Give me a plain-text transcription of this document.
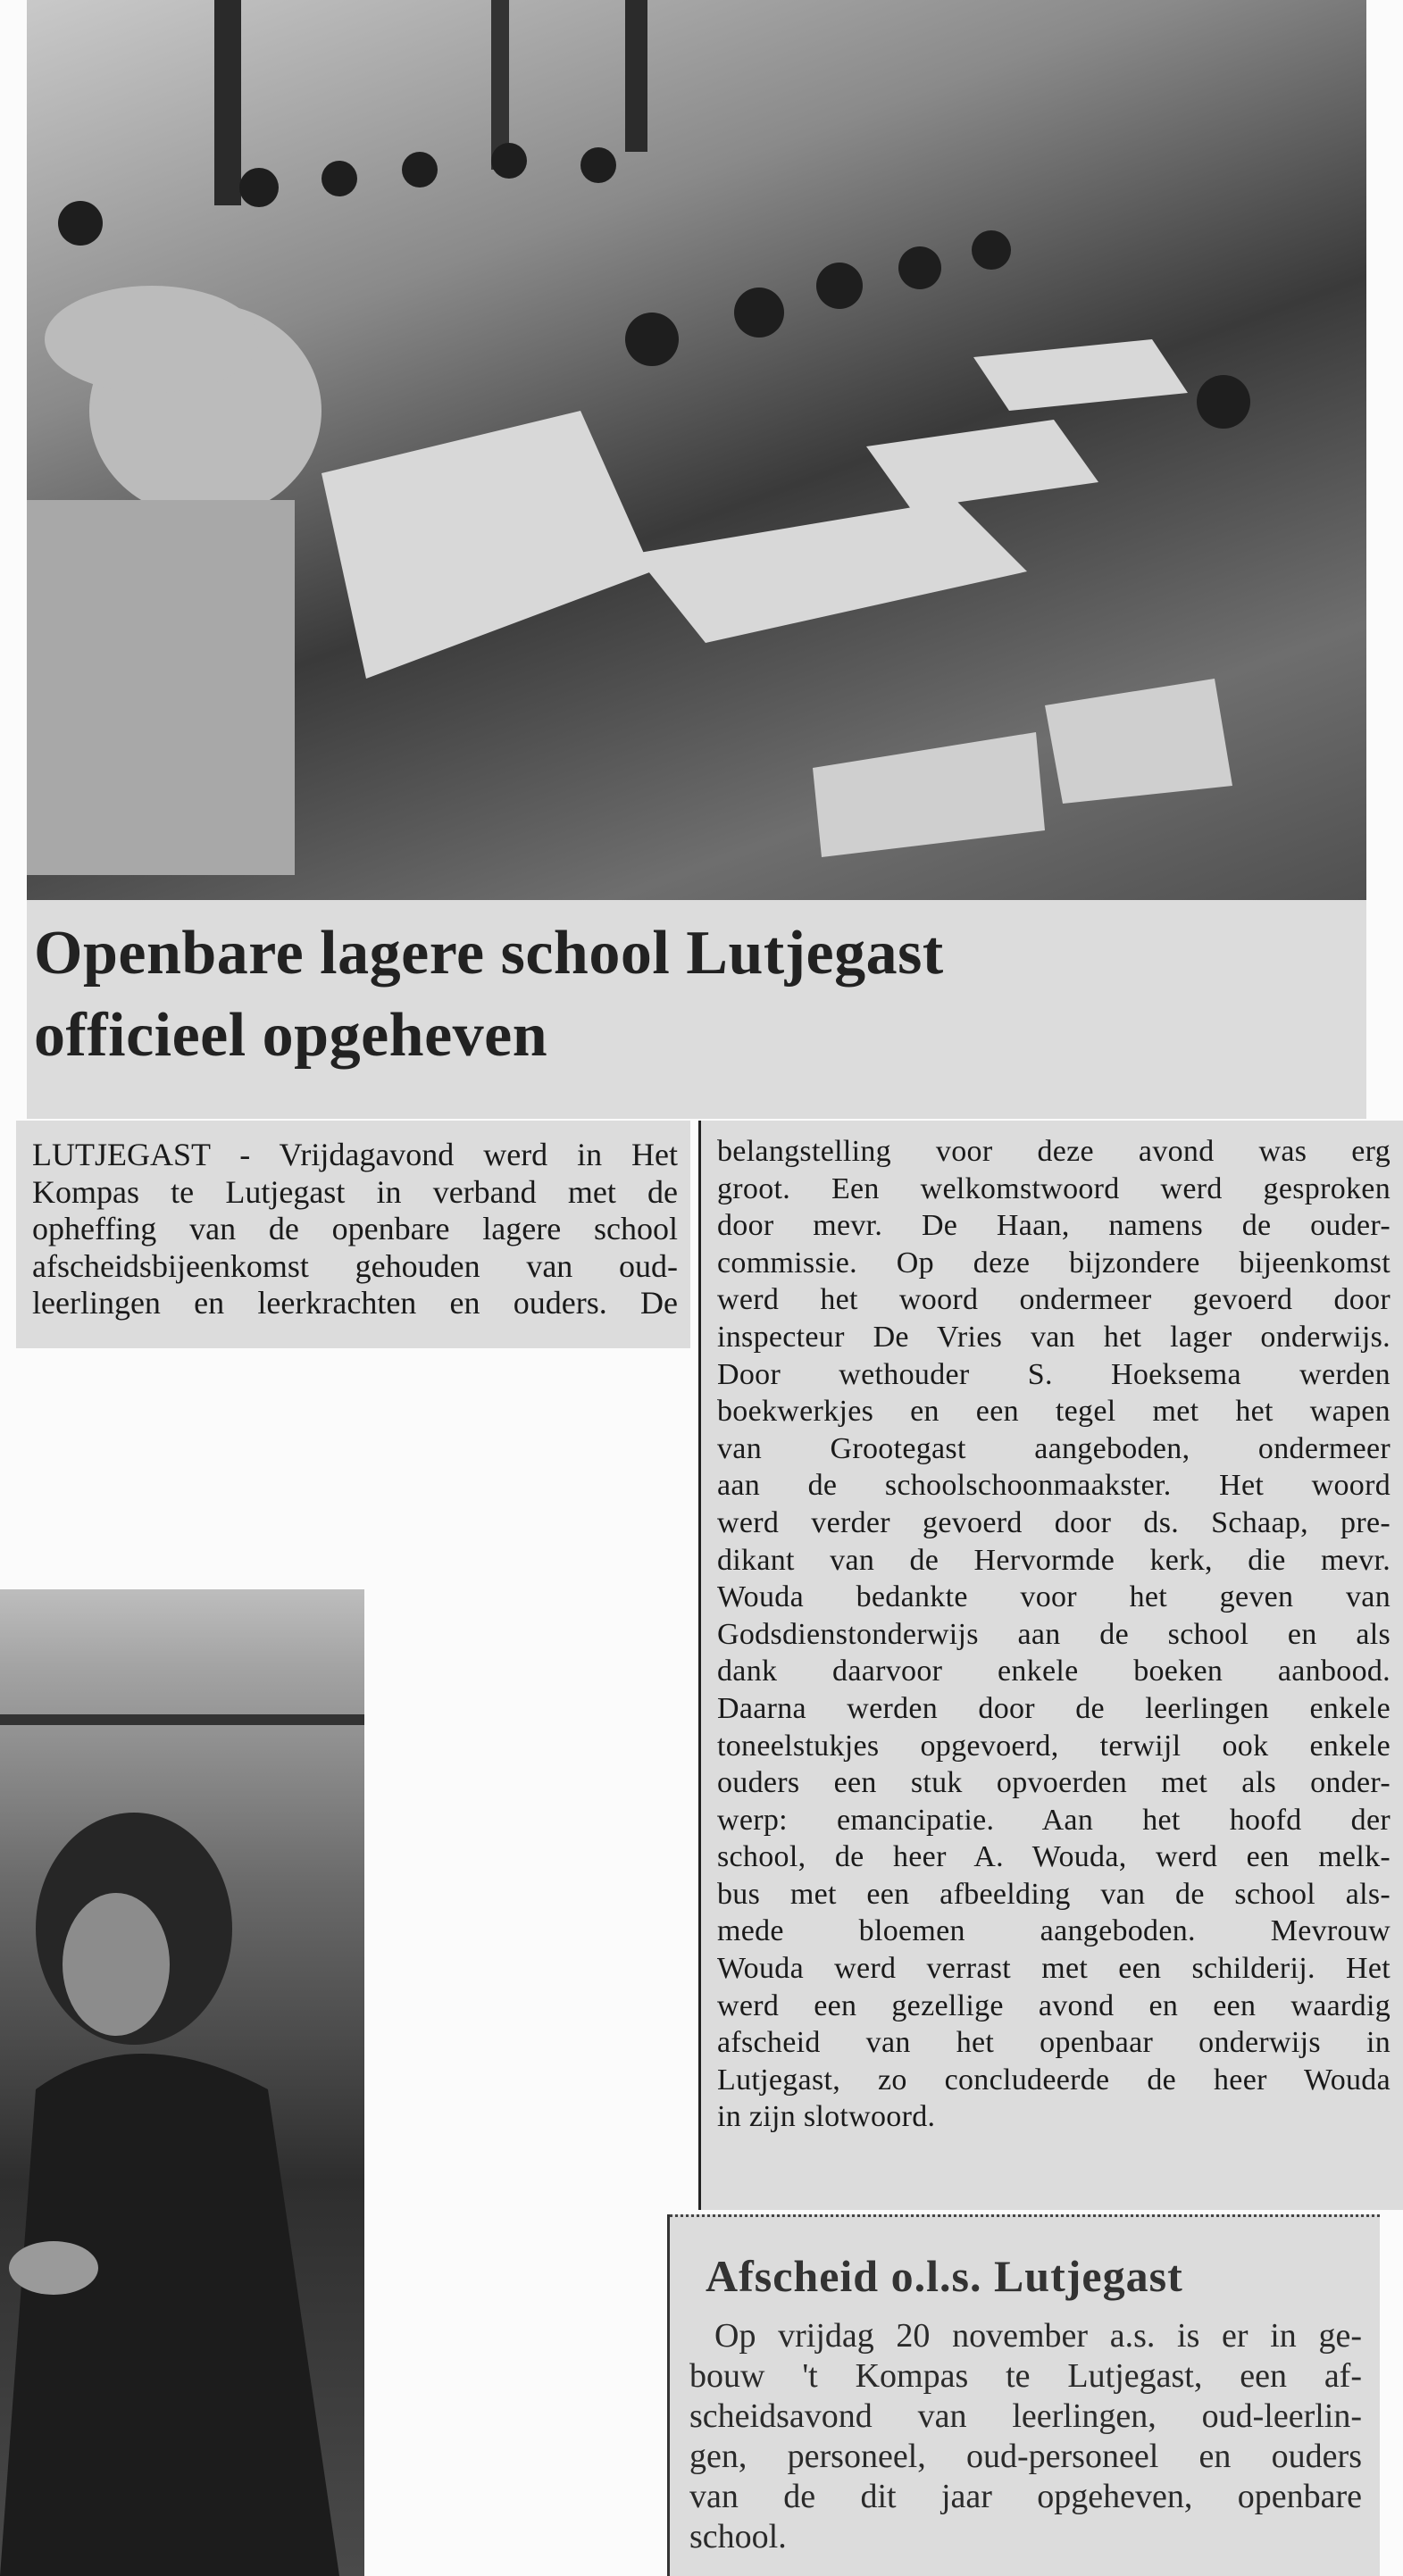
Openbare lagere school Lutjegast
officieel opgeheven
LUTJEGAST - Vrijdagavond werd in Het
Kompas te Lutjegast in verband met de
opheffing van de openbare lagere school
afscheidsbijeenkomst gehouden van oud-
leerlingen en leerkrachten en ouders. De
belangstelling voor deze avond was erg
groot. Een welkomstwoord werd gesproken
door mevr. De Haan, namens de ouder-
commissie. Op deze bijzondere bijeenkomst
werd het woord ondermeer gevoerd door
inspecteur De Vries van het lager onderwijs.
Door wethouder S. Hoeksema werden
boekwerkjes en een tegel met het wapen
van Grootegast aangeboden, ondermeer
aan de schoolschoonmaakster. Het woord
werd verder gevoerd door ds. Schaap, pre-
dikant van de Hervormde kerk, die mevr.
Wouda bedankte voor het geven van
Godsdienstonderwijs aan de school en als
dank daarvoor enkele boeken aanbood.
Daarna werden door de leerlingen enkele
toneelstukjes opgevoerd, terwijl ook enkele
ouders een stuk opvoerden met als onder-
werp: emancipatie. Aan het hoofd der
school, de heer A. Wouda, werd een melk-
bus met een afbeelding van de school als-
mede bloemen aangeboden. Mevrouw
Wouda werd verrast met een schilderij. Het
werd een gezellige avond en een waardig
afscheid van het openbaar onderwijs in
Lutjegast, zo concludeerde de heer Wouda
in zijn slotwoord.
Afscheid o.l.s. Lutjegast
Op vrijdag 20 november a.s. is er in ge-
bouw 't Kompas te Lutjegast, een af-
scheidsavond van leerlingen, oud-leerlin-
gen, personeel, oud-personeel en ouders
van de dit jaar opgeheven, openbare
school.
